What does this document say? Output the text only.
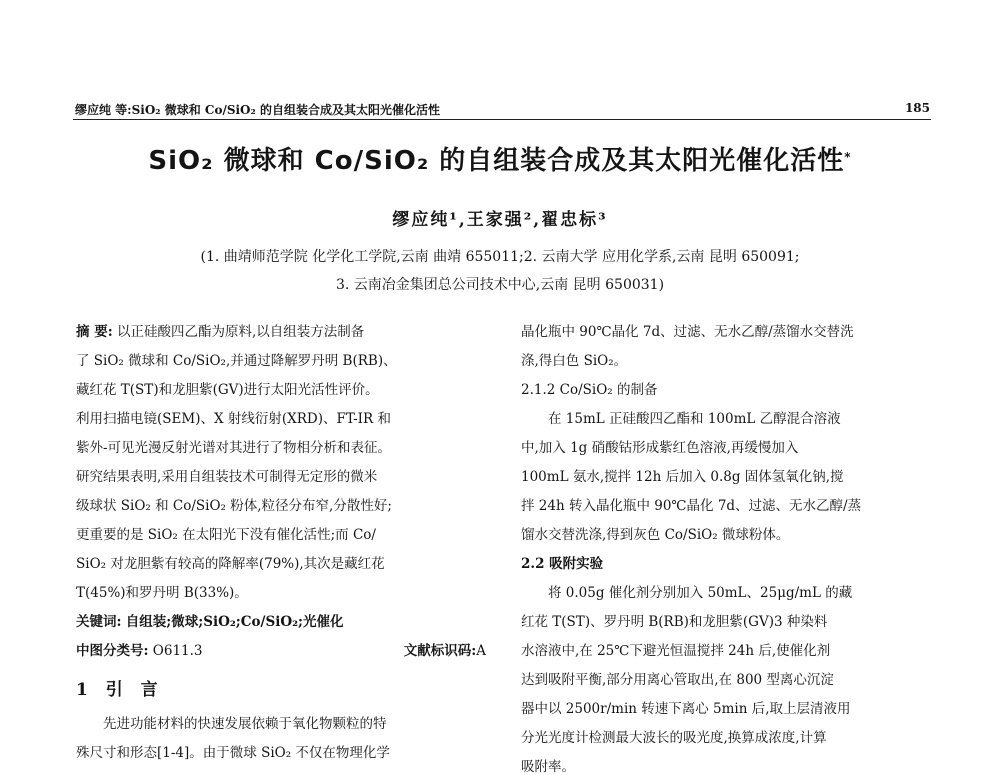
缪应纯 等:SiO₂ 微球和 Co/SiO₂ 的自组装合成及其太阳光催化活性	185
SiO₂ 微球和 Co/SiO₂ 的自组装合成及其太阳光催化活性*
缪应纯¹,王家强²,翟忠标³
(1. 曲靖师范学院 化学化工学院,云南 曲靖 655011;2. 云南大学 应用化学系,云南 昆明 650091;
3. 云南冶金集团总公司技术中心,云南 昆明 650031)

摘 要: 以正硅酸四乙酯为原料,以自组装方法制备

了 SiO₂ 微球和 Co/SiO₂,并通过降解罗丹明 B(RB)、

藏红花 T(ST)和龙胆紫(GV)进行太阳光活性评价。

利用扫描电镜(SEM)、X 射线衍射(XRD)、FT-IR 和

紫外-可见光漫反射光谱对其进行了物相分析和表征。

研究结果表明,采用自组装技术可制得无定形的微米

级球状 SiO₂ 和 Co/SiO₂ 粉体,粒径分布窄,分散性好;

更重要的是 SiO₂ 在太阳光下没有催化活性;而 Co/

SiO₂ 对龙胆紫有较高的降解率(79%),其次是藏红花

T(45%)和罗丹明 B(33%)。

关键词: 自组装;微球;SiO₂;Co/SiO₂;光催化

中图分类号: O611.3	文献标识码:A

1 引 言

先进功能材料的快速发展依赖于氧化物颗粒的特

殊尺寸和形态[1-4]。由于微球 SiO₂ 不仅在物理化学

晶化瓶中 90℃晶化 7d、过滤、无水乙醇/蒸馏水交替洗

涤,得白色 SiO₂。

2.1.2 Co/SiO₂ 的制备

在 15mL 正硅酸四乙酯和 100mL 乙醇混合溶液

中,加入 1g 硝酸钴形成紫红色溶液,再缓慢加入

100mL 氨水,搅拌 12h 后加入 0.8g 固体氢氧化钠,搅

拌 24h 转入晶化瓶中 90℃晶化 7d、过滤、无水乙醇/蒸

馏水交替洗涤,得到灰色 Co/SiO₂ 微球粉体。

2.2 吸附实验

将 0.05g 催化剂分别加入 50mL、25μg/mL 的藏

红花 T(ST)、罗丹明 B(RB)和龙胆紫(GV)3 种染料

水溶液中,在 25℃下避光恒温搅拌 24h 后,使催化剂

达到吸附平衡,部分用离心管取出,在 800 型离心沉淀

器中以 2500r/min 转速下离心 5min 后,取上层清液用

分光光度计检测最大波长的吸光度,换算成浓度,计算

吸附率。
